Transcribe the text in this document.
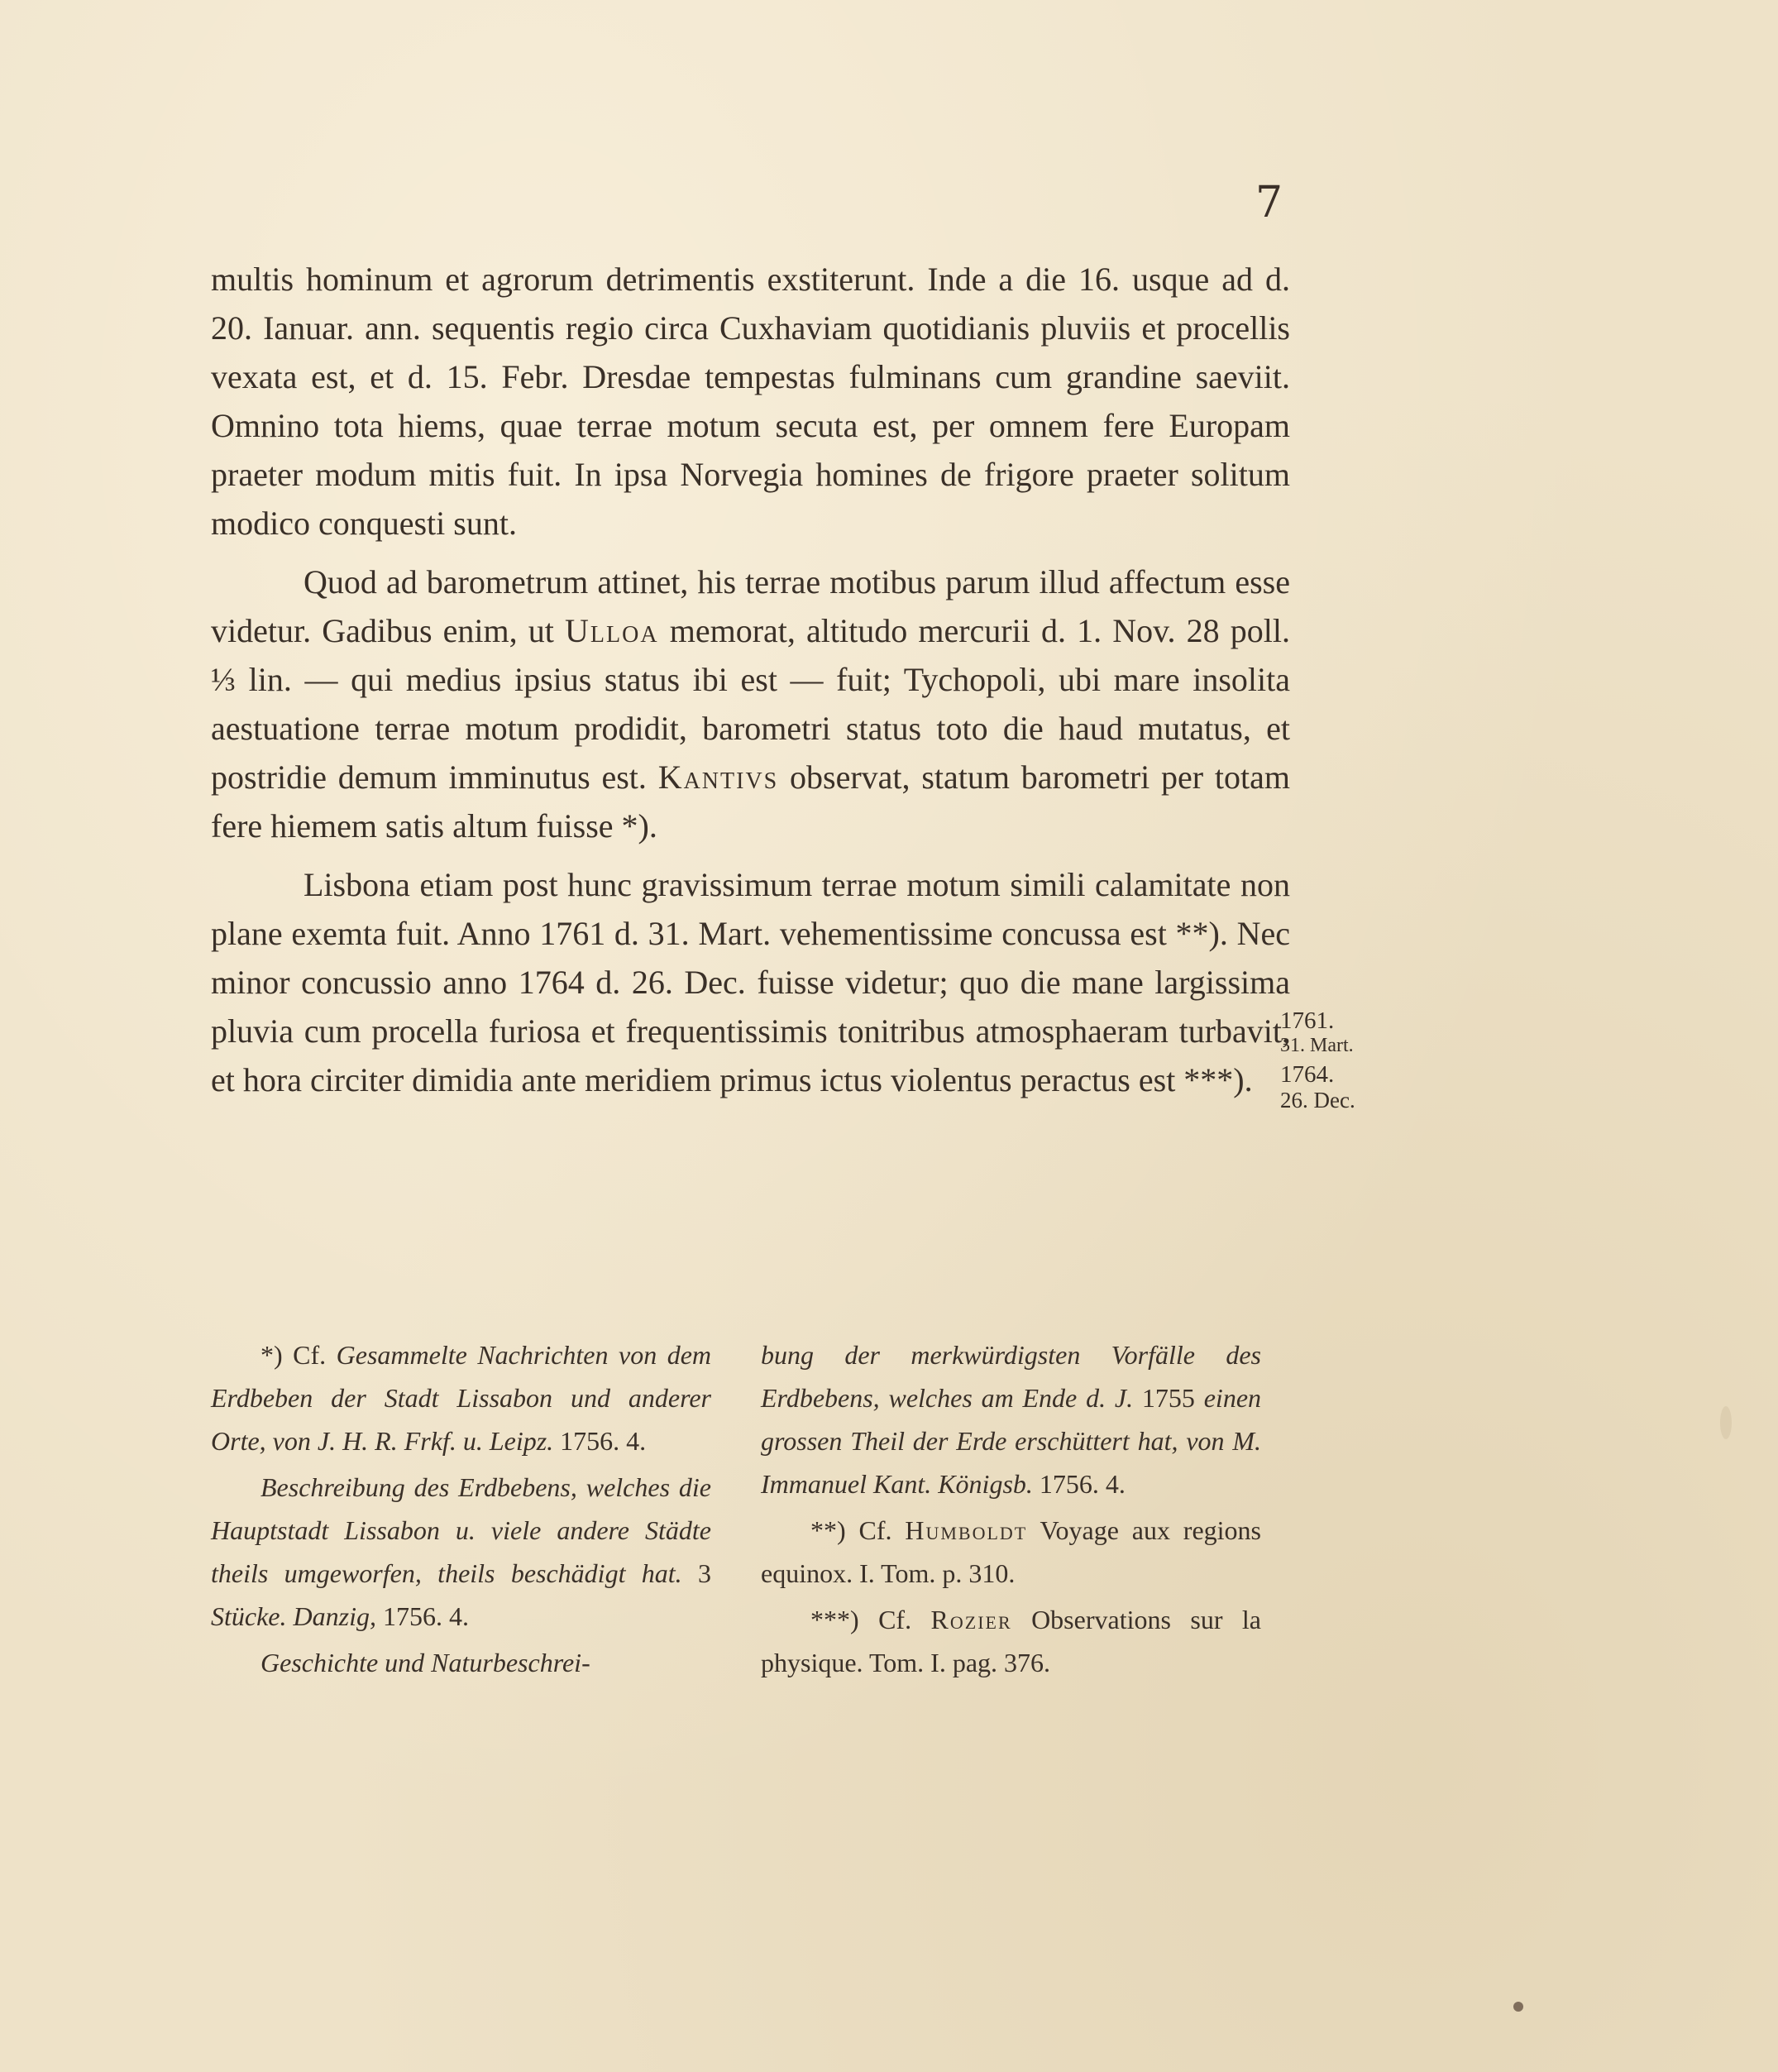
7

multis hominum et agrorum detrimentis exstiterunt. Inde a die 16. usque ad d. 20. Ianuar. ann. sequentis regio circa Cuxhaviam quotidianis pluviis et procellis vexata est, et d. 15. Febr. Dresdae tempestas fulminans cum grandine saeviit. Omnino tota hiems, quae terrae motum secuta est, per omnem fere Europam praeter modum mitis fuit. In ipsa Norvegia homines de frigore praeter solitum modico conquesti sunt.

Quod ad barometrum attinet, his terrae motibus parum illud affectum esse videtur. Gadibus enim, ut Ulloa memorat, altitudo mercurii d. 1. Nov. 28 poll. ⅓ lin. — qui medius ipsius status ibi est — fuit; Tychopoli, ubi mare insolita aestuatione terrae motum prodidit, barometri status toto die haud mutatus, et postridie demum imminutus est. Kantivs observat, statum barometri per totam fere hiemem satis altum fuisse *).

Lisbona etiam post hunc gravissimum terrae motum simili calamitate non plane exemta fuit. Anno 1761 d. 31. Mart. vehementissime concussa est **). Nec minor concussio anno 1764 d. 26. Dec. fuisse videtur; quo die mane largissima pluvia cum procella furiosa et frequentissimis tonitribus atmosphaeram turbavit, et hora circiter dimidia ante meridiem primus ictus violentus peractus est ***).

1761.
31. Mart.
1764.
26. Dec.

*) Cf. Gesammelte Nachrichten von dem Erdbeben der Stadt Lissabon und anderer Orte, von J. H. R. Frkf. u. Leipz. 1756. 4.

Beschreibung des Erdbebens, welches die Hauptstadt Lissabon u. viele andere Städte theils umgeworfen, theils beschädigt hat. 3 Stücke. Danzig, 1756. 4.

Geschichte und Naturbeschrei-

bung der merkwürdigsten Vorfälle des Erdbebens, welches am Ende d. J. 1755 einen grossen Theil der Erde erschüttert hat, von M. Immanuel Kant. Königsb. 1756. 4.

**) Cf. Humboldt Voyage aux regions equinox. I. Tom. p. 310.

***) Cf. Rozier Observations sur la physique. Tom. I. pag. 376.
